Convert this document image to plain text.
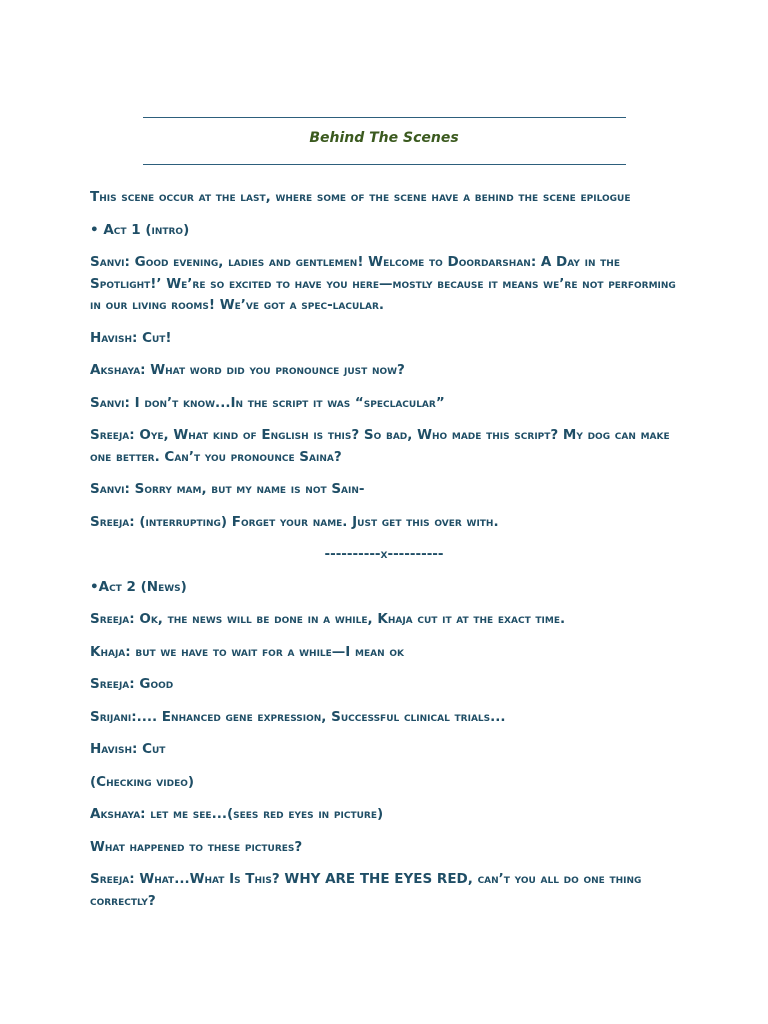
Behind The Scenes

This scene occur at the last, where some of the scene have a behind the scene epilogue

• Act 1 (intro)

Sanvi: Good evening, ladies and gentlemen! Welcome to Doordarshan: A Day in the Spotlight!’ We’re so excited to have you here—mostly because it means we’re not performing in our living rooms! We’ve got a spec-lacular.

Havish: Cut!

Akshaya: What word did you pronounce just now?

Sanvi: I don’t know...In the script it was “speclacular”

Sreeja: Oye, What kind of English is this? So bad, Who made this script? My dog can make one better. Can’t you pronounce Saina?

Sanvi: Sorry mam, but my name is not Sain-

Sreeja: (interrupting) Forget your name. Just get this over with.

----------x----------

•Act 2 (News)

Sreeja: Ok, the news will be done in a while, Khaja cut it at the exact time.

Khaja: but we have to wait for a while—I mean ok

Sreeja: Good

Srijani:.... Enhanced gene expression, Successful clinical trials...

Havish: Cut

(Checking video)

Akshaya: let me see...(sees red eyes in picture)

What happened to these pictures?

Sreeja: What...What Is This? WHY ARE THE EYES RED, can’t you all do one thing correctly?
